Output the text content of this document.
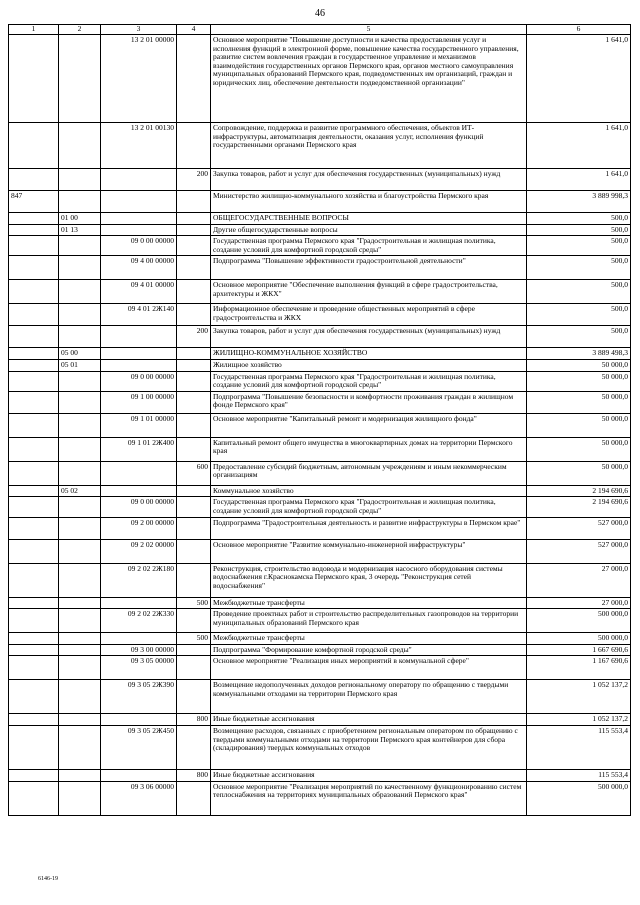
46
1	2	3	4	5	6
		13 2 01 00000		Основное мероприятие "Повышение доступности и качества предоставления услуг и исполнения функций в электронной форме, повышение качества государственного управления, развитие систем вовлечения граждан в государственное управление и механизмов взаимодействия государственных органов Пермского края, органов местного самоуправления муниципальных образований Пермского края, подведомственных им организаций, граждан и юридических лиц, обеспечение деятельности подведомственной организации"	1 641,0
		13 2 01 00130		Сопровождение, поддержка и развитие программного обеспечения, объектов ИТ-инфраструктуры, автоматизация деятельности, оказания услуг, исполнения функций государственными органами Пермского края	1 641,0
			200	Закупка товаров, работ и услуг для обеспечения государственных (муниципальных) нужд	1 641,0
847				Министерство жилищно-коммунального хозяйства и благоустройства Пермского края	3 889 998,3
	01 00			ОБЩЕГОСУДАРСТВЕННЫЕ ВОПРОСЫ	500,0
	01 13			Другие общегосударственные вопросы	500,0
		09 0 00 00000		Государственная программа Пермского края "Градостроительная и жилищная политика, создание условий для комфортной городской среды"	500,0
		09 4 00 00000		Подпрограмма "Повышение эффективности градостроительной деятельности"	500,0
		09 4 01 00000		Основное мероприятие "Обеспечение выполнения функций в сфере градостроительства, архитектуры и ЖКХ"	500,0
		09 4 01 2Ж140		Информационное обеспечение и проведение общественных мероприятий в сфере градостроительства и ЖКХ	500,0
			200	Закупка товаров, работ и услуг для обеспечения государственных (муниципальных) нужд	500,0
	05 00			ЖИЛИЩНО-КОММУНАЛЬНОЕ ХОЗЯЙСТВО	3 889 498,3
	05 01			Жилищное хозяйство	50 000,0
		09 0 00 00000		Государственная программа Пермского края "Градостроительная и жилищная политика, создание условий для комфортной городской среды"	50 000,0
		09 1 00 00000		Подпрограмма "Повышение безопасности и комфортности проживания граждан в жилищном фонде Пермского края"	50 000,0
		09 1 01 00000		Основное мероприятие "Капитальный ремонт и модернизация жилищного фонда"	50 000,0
		09 1 01 2Ж400		Капитальный ремонт общего имущества в многоквартирных домах на территории Пермского края	50 000,0
			600	Предоставление субсидий бюджетным, автономным учреждениям и иным некоммерческим организациям	50 000,0
	05 02			Коммунальное хозяйство	2 194 690,6
		09 0 00 00000		Государственная программа Пермского края "Градостроительная и жилищная политика, создание условий для комфортной городской среды"	2 194 690,6
		09 2 00 00000		Подпрограмма "Градостроительная деятельность и развитие инфраструктуры в Пермском крае"	527 000,0
		09 2 02 00000		Основное мероприятие "Развитие коммунально-инженерной инфраструктуры"	527 000,0
		09 2 02 2Ж180		Реконструкция, строительство водовода и модернизация насосного оборудования системы водоснабжения г.Краснокамска Пермского края, 3 очередь "Реконструкция сетей водоснабжения"	27 000,0
			500	Межбюджетные трансферты	27 000,0
		09 2 02 2Ж330		Проведение проектных работ и строительство распределительных газопроводов на территории муниципальных образований Пермского края	500 000,0
			500	Межбюджетные трансферты	500 000,0
		09 3 00 00000		Подпрограмма "Формирование комфортной городской среды"	1 667 690,6
		09 3 05 00000		Основное мероприятие "Реализация иных мероприятий в коммунальной сфере"	1 167 690,6
		09 3 05 2Ж390		Возмещение недополученных доходов региональному оператору по обращению с твердыми коммунальными отходами на территории Пермского края	1 052 137,2
			800	Иные бюджетные ассигнования	1 052 137,2
		09 3 05 2Ж450		Возмещение расходов, связанных с приобретением региональным оператором по обращению с твердыми коммунальными отходами на территории Пермского края контейнеров для сбора (складирования) твердых коммунальных отходов	115 553,4
			800	Иные бюджетные ассигнования	115 553,4
		09 3 06 00000		Основное мероприятие "Реализация мероприятий по качественному функционированию систем теплоснабжения на территориях муниципальных образований Пермского края"	500 000,0
6146-19
